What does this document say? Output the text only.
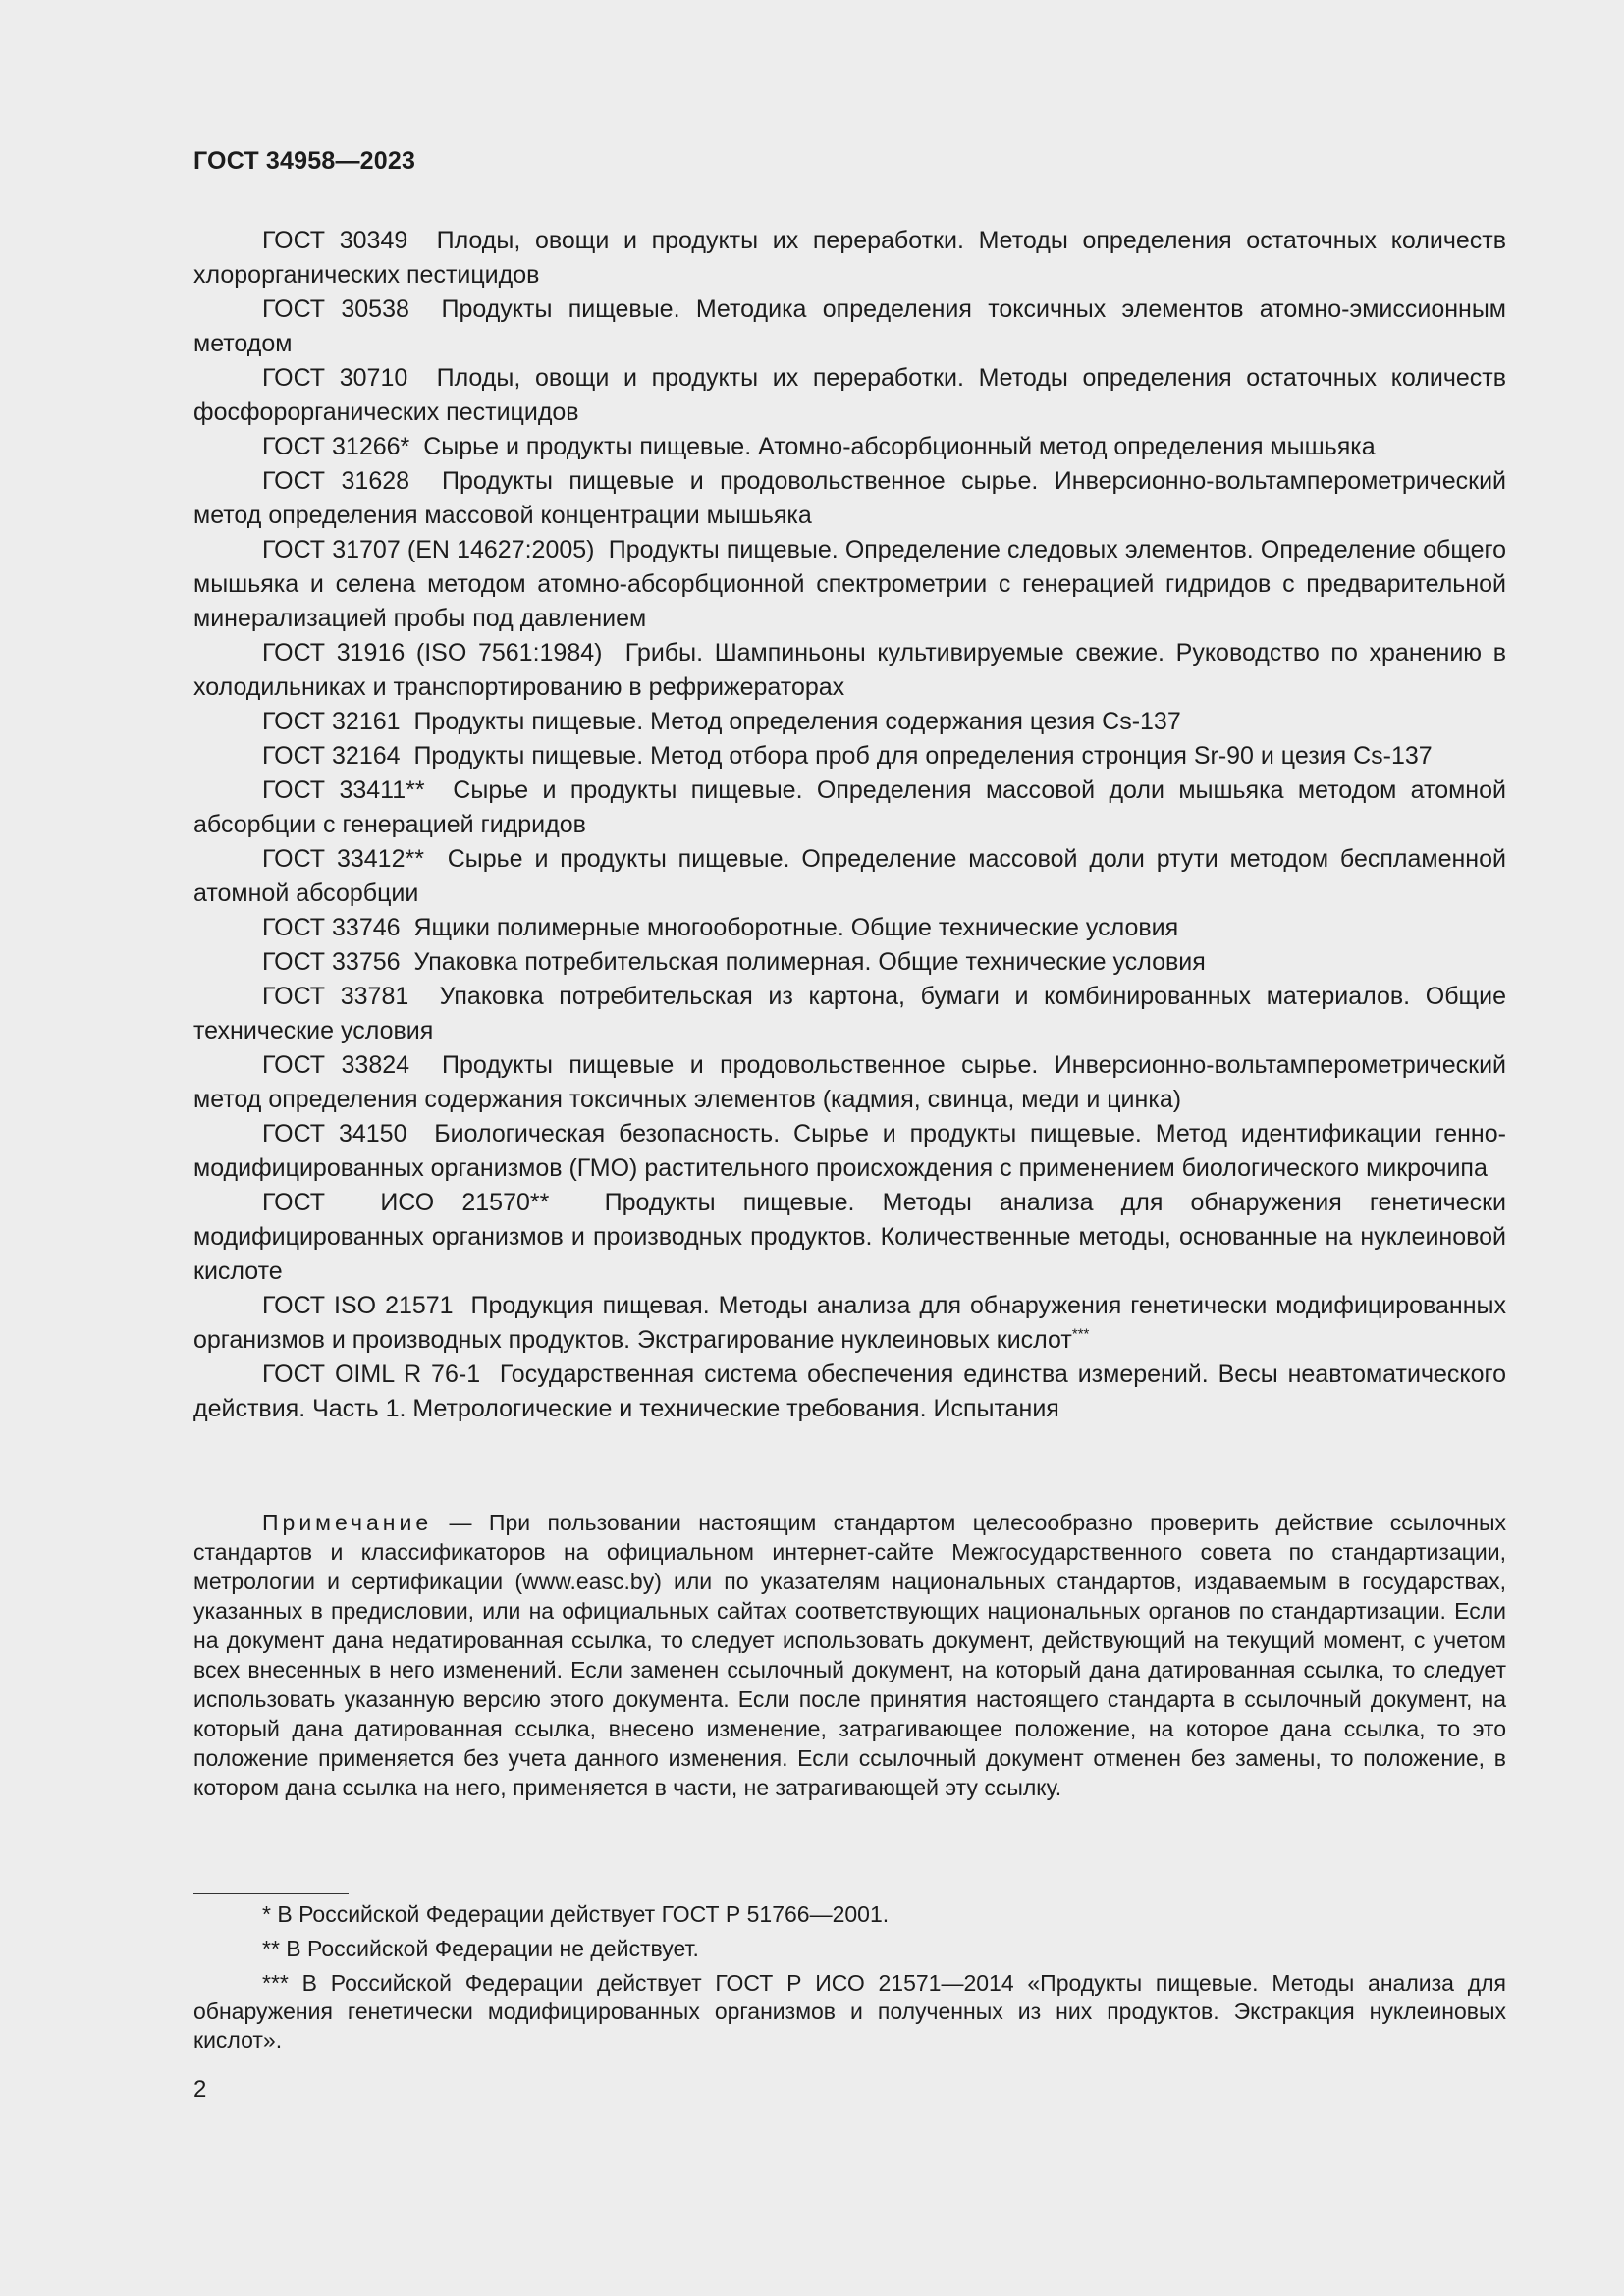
ГОСТ 34958—2023

ГОСТ 30349 Плоды, овощи и продукты их переработки. Методы определения остаточных количеств хлорорганических пестицидов

ГОСТ 30538 Продукты пищевые. Методика определения токсичных элементов атомно-эмиссионным методом

ГОСТ 30710 Плоды, овощи и продукты их переработки. Методы определения остаточных количеств фосфорорганических пестицидов

ГОСТ 31266* Сырье и продукты пищевые. Атомно-абсорбционный метод определения мышьяка

ГОСТ 31628 Продукты пищевые и продовольственное сырье. Инверсионно-вольтамперометрический метод определения массовой концентрации мышьяка

ГОСТ 31707 (EN 14627:2005) Продукты пищевые. Определение следовых элементов. Определение общего мышьяка и селена методом атомно-абсорбционной спектрометрии с генерацией гидридов с предварительной минерализацией пробы под давлением

ГОСТ 31916 (ISO 7561:1984) Грибы. Шампиньоны культивируемые свежие. Руководство по хранению в холодильниках и транспортированию в рефрижераторах

ГОСТ 32161 Продукты пищевые. Метод определения содержания цезия Cs-137

ГОСТ 32164 Продукты пищевые. Метод отбора проб для определения стронция Sr-90 и цезия Cs-137

ГОСТ 33411** Сырье и продукты пищевые. Определения массовой доли мышьяка методом атомной абсорбции с генерацией гидридов

ГОСТ 33412** Сырье и продукты пищевые. Определение массовой доли ртути методом беспламенной атомной абсорбции

ГОСТ 33746 Ящики полимерные многооборотные. Общие технические условия

ГОСТ 33756 Упаковка потребительская полимерная. Общие технические условия

ГОСТ 33781 Упаковка потребительская из картона, бумаги и комбинированных материалов. Общие технические условия

ГОСТ 33824 Продукты пищевые и продовольственное сырье. Инверсионно-вольтамперометрический метод определения содержания токсичных элементов (кадмия, свинца, меди и цинка)

ГОСТ 34150 Биологическая безопасность. Сырье и продукты пищевые. Метод идентификации генно-модифицированных организмов (ГМО) растительного происхождения с применением биологического микрочипа

ГОСТ  ИСО 21570** Продукты пищевые. Методы анализа для обнаружения генетически модифицированных организмов и производных продуктов. Количественные методы, основанные на нуклеиновой кислоте

ГОСТ ISO 21571 Продукция пищевая. Методы анализа для обнаружения генетически модифицированных организмов и производных продуктов. Экстрагирование нуклеиновых кислот***

ГОСТ OIML R 76-1 Государственная система обеспечения единства измерений. Весы неавтоматического действия. Часть 1. Метрологические и технические требования. Испытания

Примечание — При пользовании настоящим стандартом целесообразно проверить действие ссылочных стандартов и классификаторов на официальном интернет-сайте Межгосударственного совета по стандартизации, метрологии и сертификации (www.easc.by) или по указателям национальных стандартов, издаваемым в государствах, указанных в предисловии, или на официальных сайтах соответствующих национальных органов по стандартизации. Если на документ дана недатированная ссылка, то следует использовать документ, действующий на текущий момент, с учетом всех внесенных в него изменений. Если заменен ссылочный документ, на который дана датированная ссылка, то следует использовать указанную версию этого документа. Если после принятия настоящего стандарта в ссылочный документ, на который дана датированная ссылка, внесено изменение, затрагивающее положение, на которое дана ссылка, то это положение применяется без учета данного изменения. Если ссылочный документ отменен без замены, то положение, в котором дана ссылка на него, применяется в части, не затрагивающей эту ссылку.

* В Российской Федерации действует ГОСТ Р 51766—2001.

** В Российской Федерации не действует.

*** В Российской Федерации действует ГОСТ Р ИСО 21571—2014 «Продукты пищевые. Методы анализа для обнаружения генетически модифицированных организмов и полученных из них продуктов. Экстракция нуклеиновых кислот».

2
